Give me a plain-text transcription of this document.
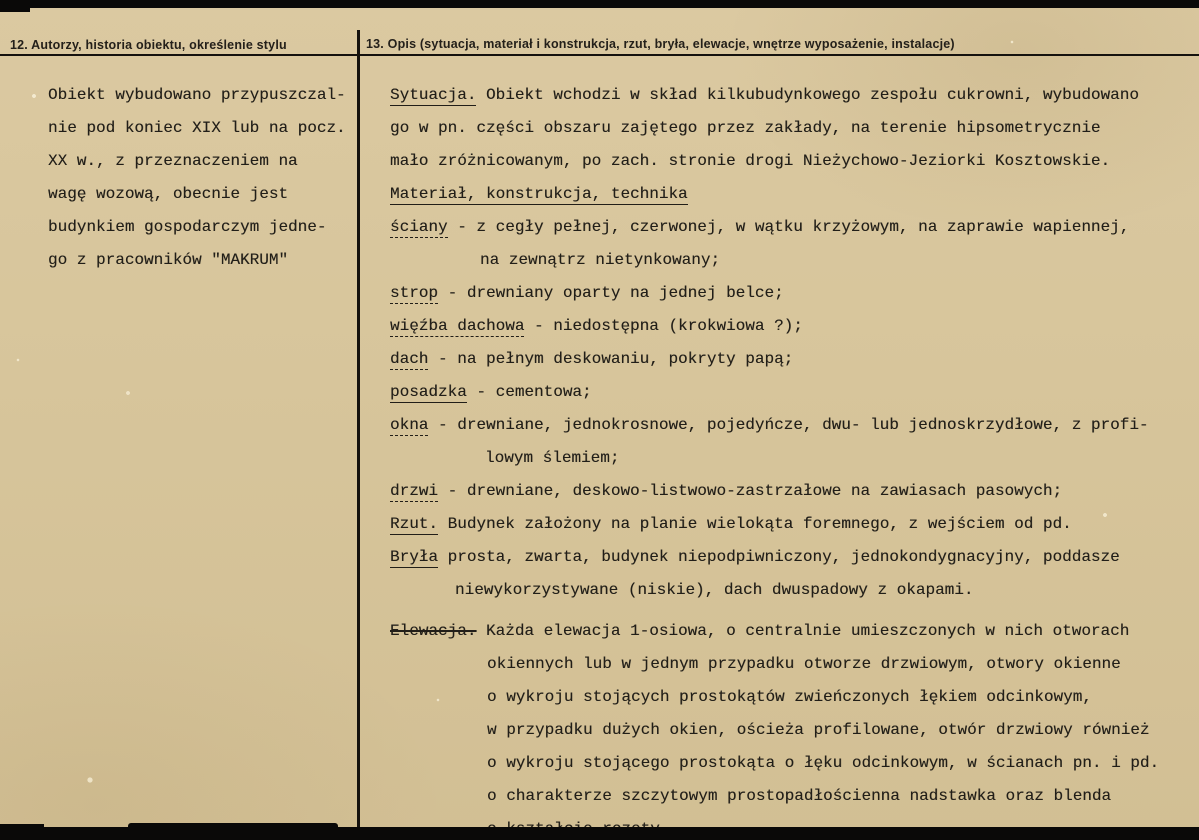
12. Autorzy, historia obiektu, określenie stylu	13. Opis (sytuacja, materiał i konstrukcja, rzut, bryła, elewacje, wnętrze wyposażenie, instalacje)
Obiekt wybudowano przypuszczal-
nie pod koniec XIX lub na pocz.
XX w., z przeznaczeniem na
wagę wozową, obecnie jest
budynkiem gospodarczym jedne-
go z pracowników "MAKRUM"
Sytuacja. Obiekt wchodzi w skład kilkubudynkowego zespołu cukrowni, wybudowano
go w pn. części obszaru zajętego przez zakłady, na terenie hipsometrycznie
mało zróżnicowanym, po zach. stronie drogi Nieżychowo-Jeziorki Kosztowskie.
Materiał, konstrukcja, technika
ściany - z cegły pełnej, czerwonej, w wątku krzyżowym, na zaprawie wapiennej,
na zewnątrz nietynkowany;
strop - drewniany oparty na jednej belce;
więźba dachowa - niedostępna (krokwiowa ?);
dach - na pełnym deskowaniu, pokryty papą;
posadzka - cementowa;
okna - drewniane, jednokrosnowe, pojedyńcze, dwu- lub jednoskrzydłowe, z profi-
lowym ślemiem;
drzwi - drewniane, deskowo-listwowo-zastrzałowe na zawiasach pasowych;
Rzut. Budynek założony na planie wielokąta foremnego, z wejściem od pd.
Bryła prosta, zwarta, budynek niepodpiwniczony, jednokondygnacyjny, poddasze
niewykorzystywane (niskie), dach dwuspadowy z okapami.
Elewacja. Każda elewacja 1-osiowa, o centralnie umieszczonych w nich otworach
okiennych lub w jednym przypadku otworze drzwiowym, otwory okienne
o wykroju stojących prostokątów zwieńczonych łękiem odcinkowym,
w przypadku dużych okien, ościeża profilowane, otwór drzwiowy również
o wykroju stojącego prostokąta o łęku odcinkowym, w ścianach pn. i pd.
o charakterze szczytowym prostopadłościenna nadstawka oraz blenda
